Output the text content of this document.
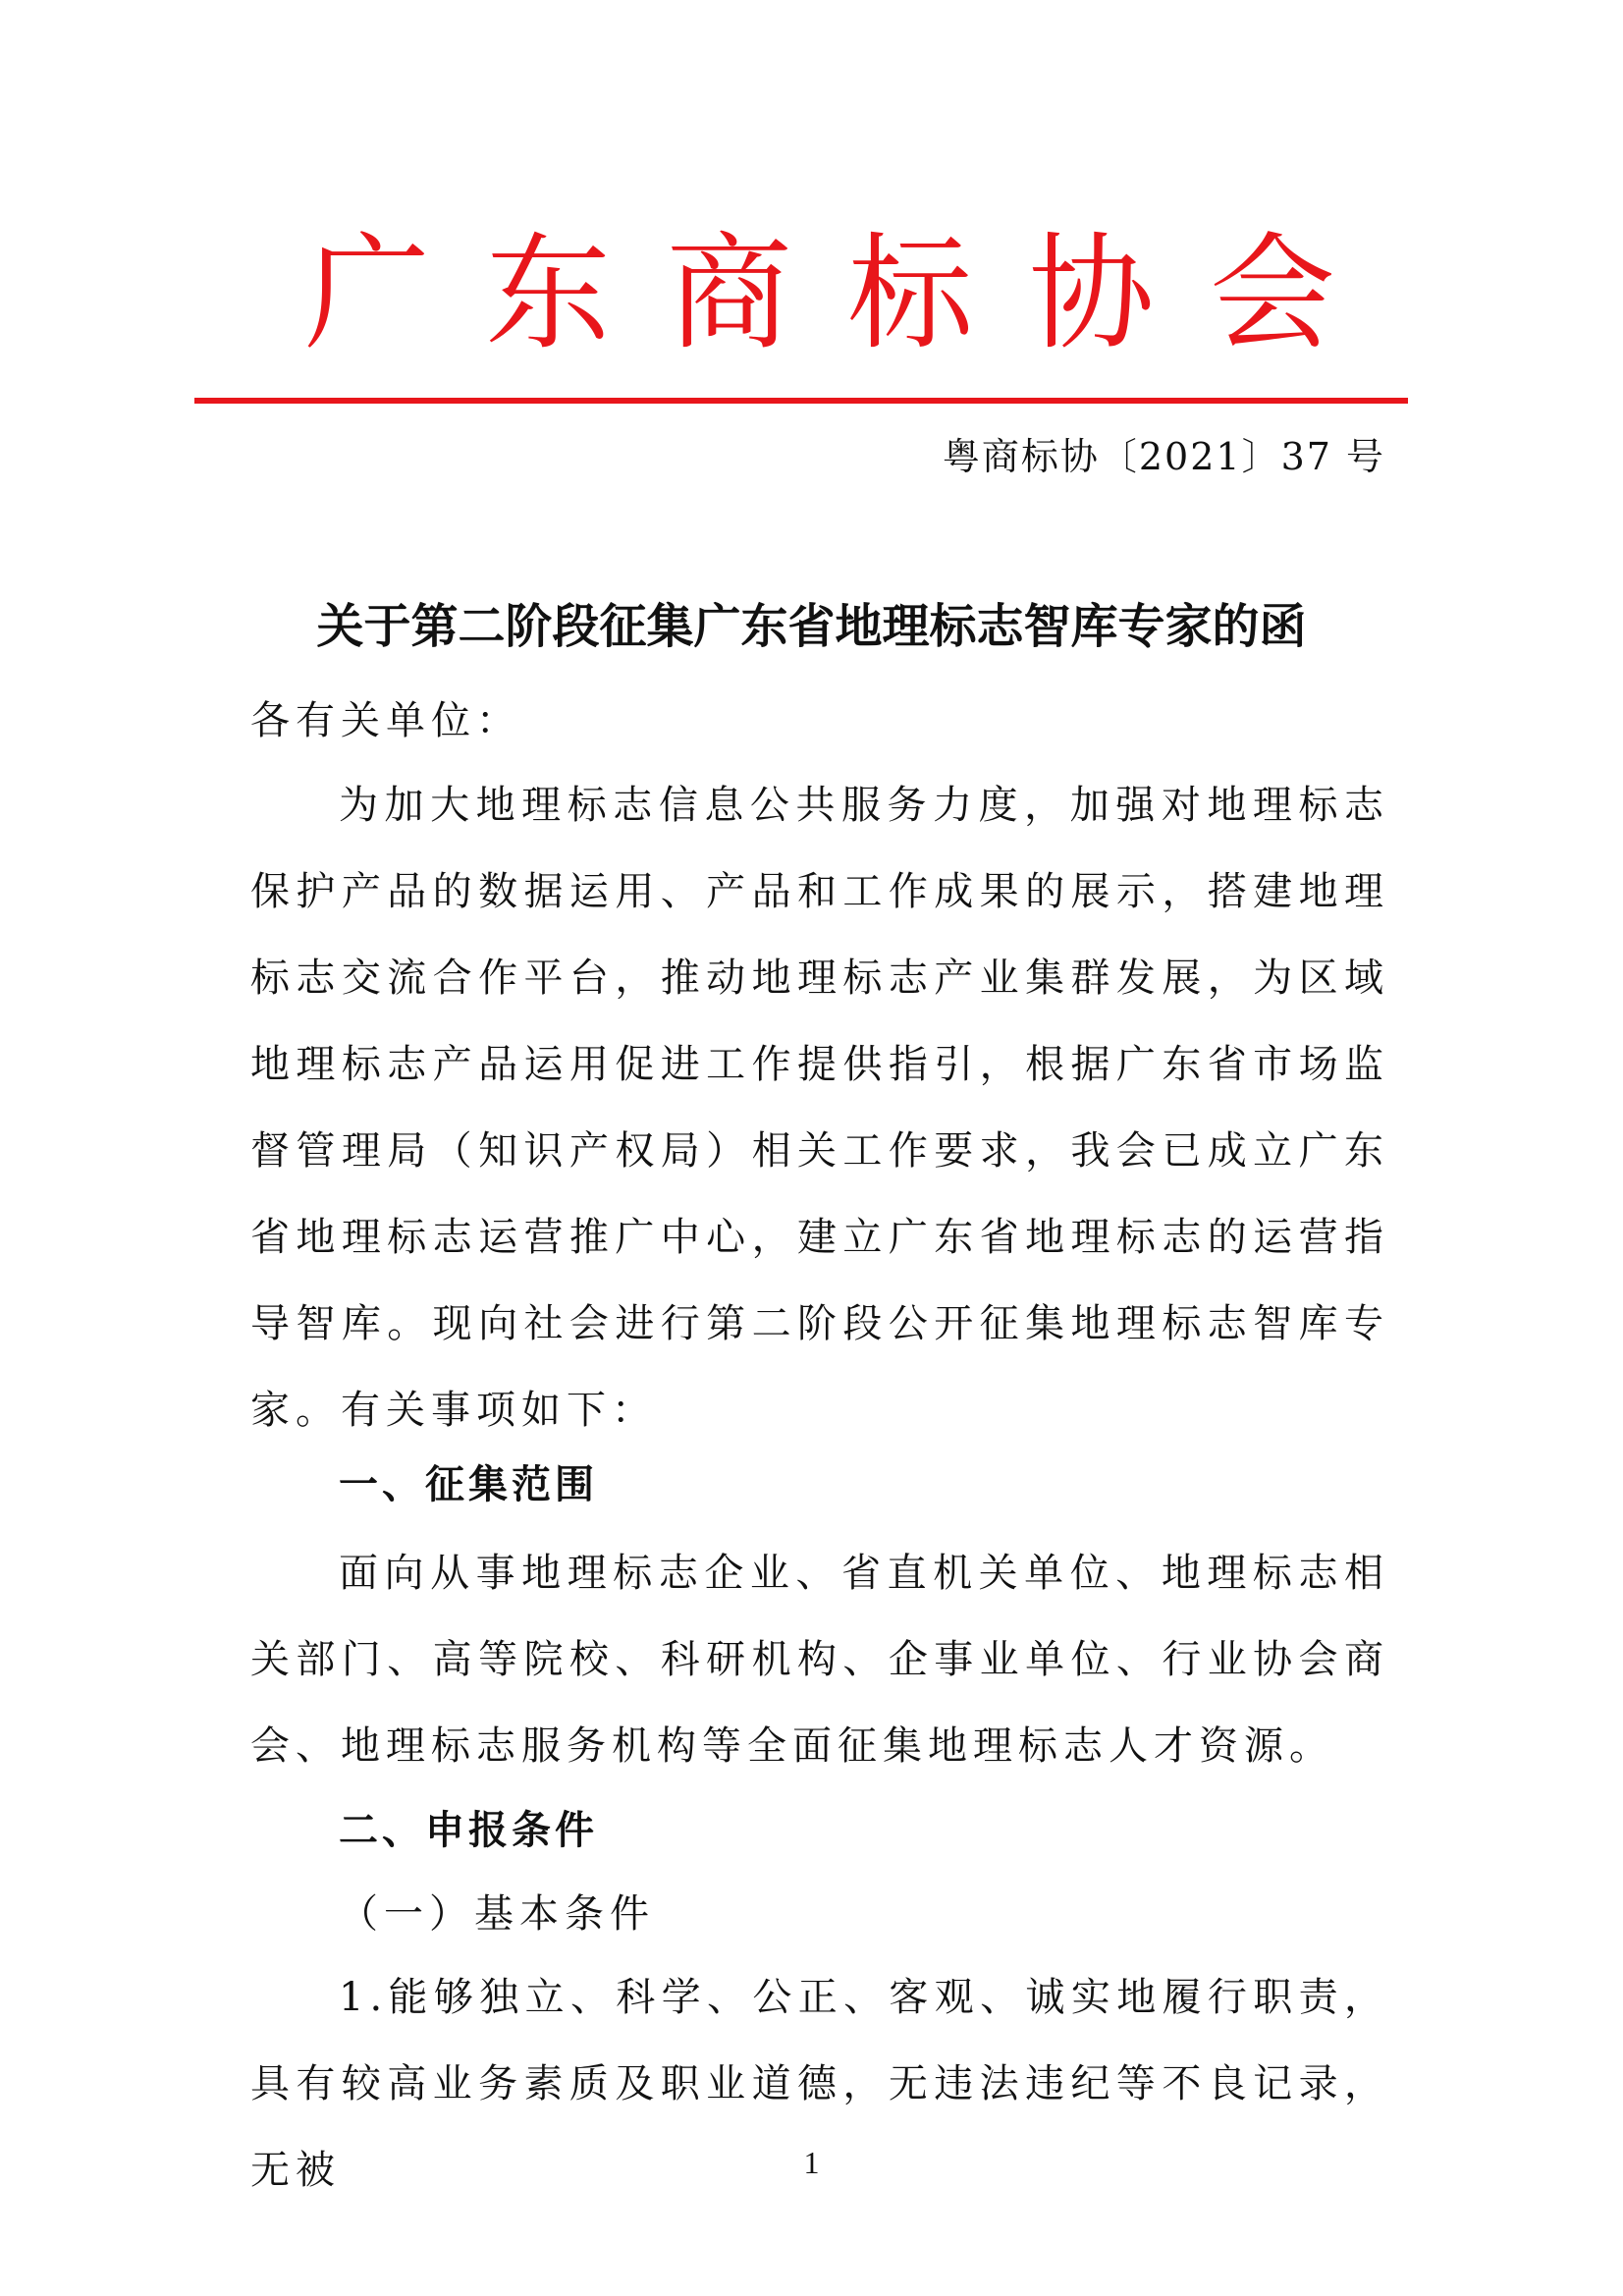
广 东 商 标 协 会
粤商标协〔2021〕37 号
关于第二阶段征集广东省地理标志智库专家的函
各有关单位：
为加大地理标志信息公共服务力度，加强对地理标志保护产品的数据运用、产品和工作成果的展示，搭建地理标志交流合作平台，推动地理标志产业集群发展，为区域地理标志产品运用促进工作提供指引，根据广东省市场监督管理局（知识产权局）相关工作要求，我会已成立广东省地理标志运营推广中心，建立广东省地理标志的运营指导智库。现向社会进行第二阶段公开征集地理标志智库专家。有关事项如下：
一、征集范围
面向从事地理标志企业、省直机关单位、地理标志相关部门、高等院校、科研机构、企事业单位、行业协会商会、地理标志服务机构等全面征集地理标志人才资源。
二、申报条件
（一）基本条件
1.能够独立、科学、公正、客观、诚实地履行职责，具有较高业务素质及职业道德，无违法违纪等不良记录，无被	1
